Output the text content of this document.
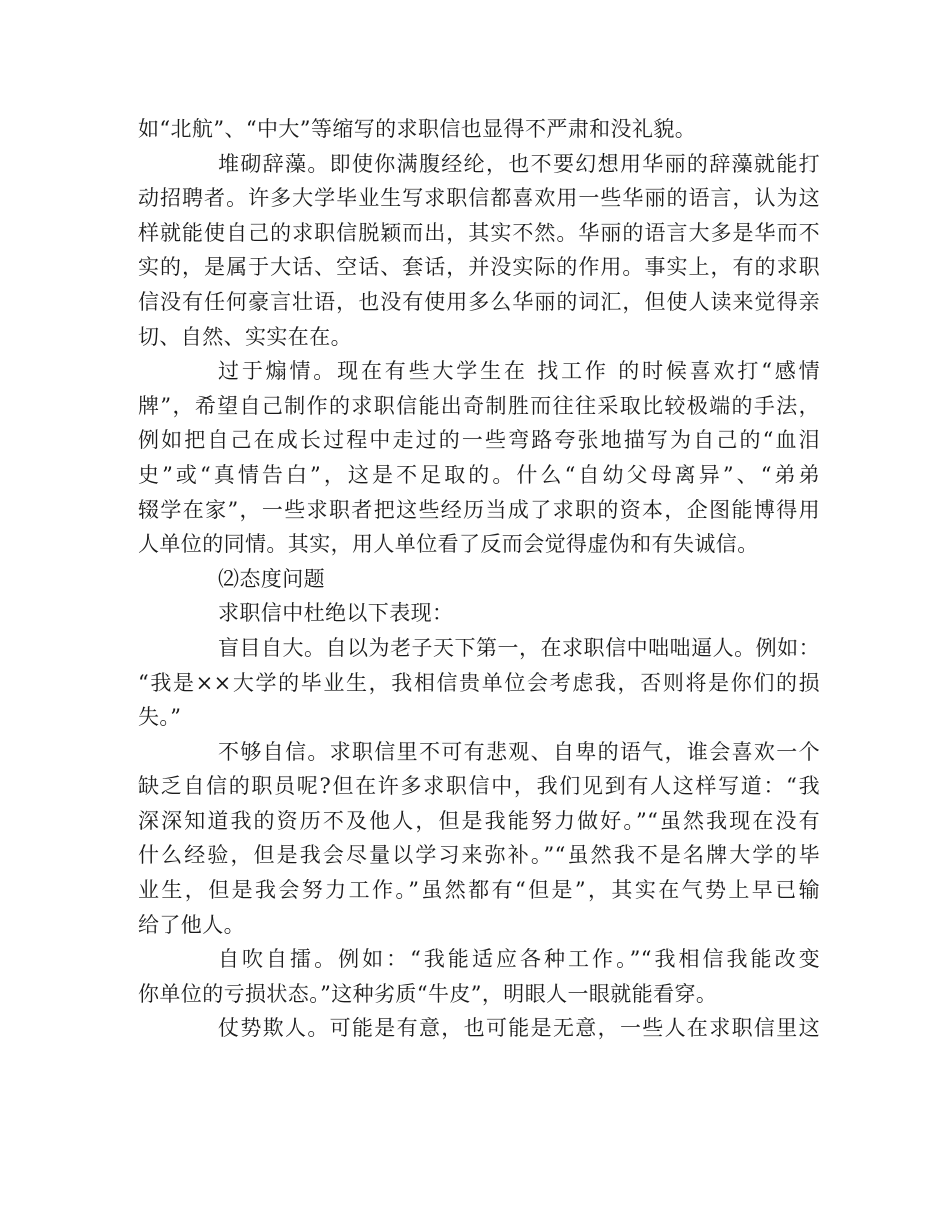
如“北航”、“中大”等缩写的求职信也显得不严肃和没礼貌。
堆砌辞藻。即使你满腹经纶，也不要幻想用华丽的辞藻就能打
动招聘者。许多大学毕业生写求职信都喜欢用一些华丽的语言，认为这
样就能使自己的求职信脱颖而出，其实不然。华丽的语言大多是华而不
实的，是属于大话、空话、套话，并没实际的作用。事实上，有的求职
信没有任何豪言壮语，也没有使用多么华丽的词汇，但使人读来觉得亲
切、自然、实实在在。
过于煽情。现在有些大学生在 找工作 的时候喜欢打“感情
牌”，希望自己制作的求职信能出奇制胜而往往采取比较极端的手法，
例如把自己在成长过程中走过的一些弯路夸张地描写为自己的“血泪
史”或“真情告白”，这是不足取的。什么“自幼父母离异”、“弟弟
辍学在家”，一些求职者把这些经历当成了求职的资本，企图能博得用
人单位的同情。其实，用人单位看了反而会觉得虚伪和有失诚信。
⑵态度问题
求职信中杜绝以下表现：
盲目自大。自以为老子天下第一，在求职信中咄咄逼人。例如：
“我是××大学的毕业生，我相信贵单位会考虑我，否则将是你们的损
失。”
不够自信。求职信里不可有悲观、自卑的语气，谁会喜欢一个
缺乏自信的职员呢?但在许多求职信中，我们见到有人这样写道：“我
深深知道我的资历不及他人，但是我能努力做好。”“虽然我现在没有
什么经验，但是我会尽量以学习来弥补。”“虽然我不是名牌大学的毕
业生，但是我会努力工作。”虽然都有“但是”，其实在气势上早已输
给了他人。
自吹自擂。例如：“我能适应各种工作。”“我相信我能改变
你单位的亏损状态。”这种劣质“牛皮”，明眼人一眼就能看穿。
仗势欺人。可能是有意，也可能是无意，一些人在求职信里这
